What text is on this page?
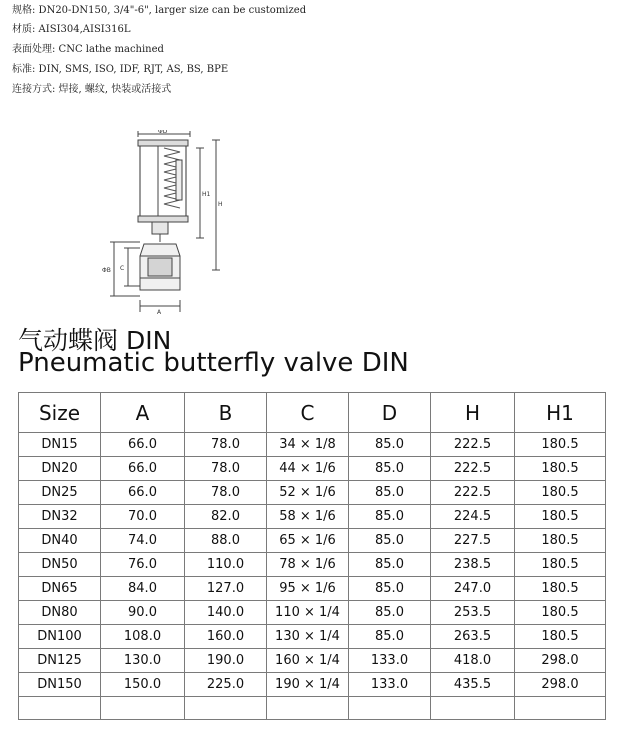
规格: DN20-DN150, 3/4"-6", larger size can be customized

材质: AISI304,AISI316L

表面处理: CNC lathe machined

标准: DIN, SMS, ISO, IDF, RJT, AS, BS, BPE

连接方式: 焊接, 螺纹, 快装或活接式

ΦD
H1
H
ΦB C
A
气动蝶阀 DIN
Pneumatic butterfly valve DIN
Size	A	B	C	D	H	H1
DN15	66.0	78.0	34 × 1/8	85.0	222.5	180.5
DN20	66.0	78.0	44 × 1/6	85.0	222.5	180.5
DN25	66.0	78.0	52 × 1/6	85.0	222.5	180.5
DN32	70.0	82.0	58 × 1/6	85.0	224.5	180.5
DN40	74.0	88.0	65 × 1/6	85.0	227.5	180.5
DN50	76.0	110.0	78 × 1/6	85.0	238.5	180.5
DN65	84.0	127.0	95 × 1/6	85.0	247.0	180.5
DN80	90.0	140.0	110 × 1/4	85.0	253.5	180.5
DN100	108.0	160.0	130 × 1/4	85.0	263.5	180.5
DN125	130.0	190.0	160 × 1/4	133.0	418.0	298.0
DN150	150.0	225.0	190 × 1/4	133.0	435.5	298.0
